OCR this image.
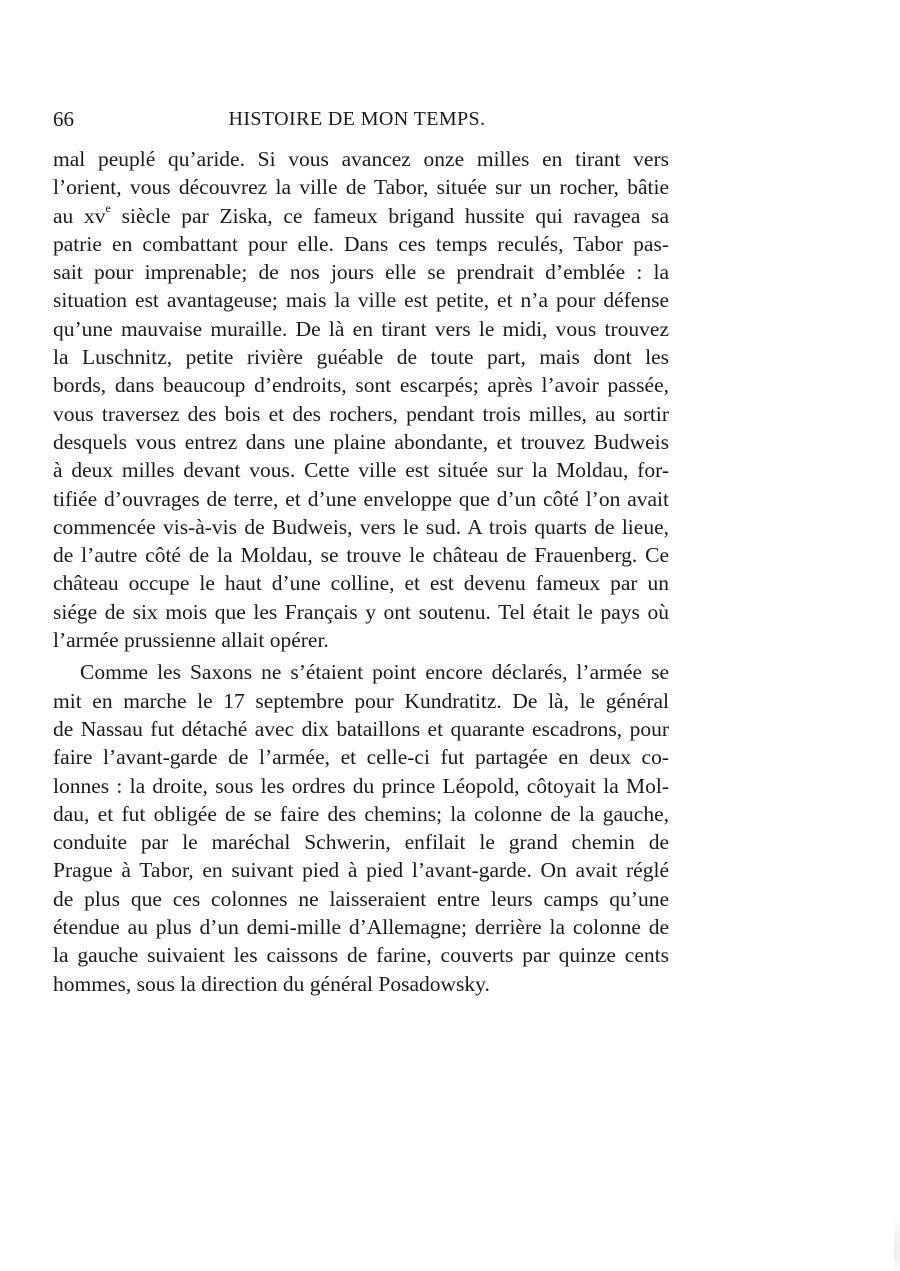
66	HISTOIRE DE MON TEMPS.
mal peuplé qu’aride. Si vous avancez onze milles en tirant vers
l’orient, vous découvrez la ville de Tabor, située sur un rocher, bâtie
au $xv^e$ siècle par Ziska, ce fameux brigand hussite qui ravagea sa
patrie en combattant pour elle. Dans ces temps reculés, Tabor pas-
sait pour imprenable; de nos jours elle se prendrait d’emblée : la
situation est avantageuse; mais la ville est petite, et n’a pour défense
qu’une mauvaise muraille. De là en tirant vers le midi, vous trouvez
la Luschnitz, petite rivière guéable de toute part, mais dont les
bords, dans beaucoup d’endroits, sont escarpés; après l’avoir passée,
vous traversez des bois et des rochers, pendant trois milles, au sortir
desquels vous entrez dans une plaine abondante, et trouvez Budweis
à deux milles devant vous. Cette ville est située sur la Moldau, for-
tifiée d’ouvrages de terre, et d’une enveloppe que d’un côté l’on avait
commencée vis-à-vis de Budweis, vers le sud. A trois quarts de lieue,
de l’autre côté de la Moldau, se trouve le château de Frauenberg. Ce
château occupe le haut d’une colline, et est devenu fameux par un
siége de six mois que les Français y ont soutenu. Tel était le pays où
l’armée prussienne allait opérer.
Comme les Saxons ne s’étaient point encore déclarés, l’armée se
mit en marche le 17 septembre pour Kundratitz. De là, le général
de Nassau fut détaché avec dix bataillons et quarante escadrons, pour
faire l’avant-garde de l’armée, et celle-ci fut partagée en deux co-
lonnes : la droite, sous les ordres du prince Léopold, côtoyait la Mol-
dau, et fut obligée de se faire des chemins; la colonne de la gauche,
conduite par le maréchal Schwerin, enfilait le grand chemin de
Prague à Tabor, en suivant pied à pied l’avant-garde. On avait réglé
de plus que ces colonnes ne laisseraient entre leurs camps qu’une
étendue au plus d’un demi-mille d’Allemagne; derrière la colonne de
la gauche suivaient les caissons de farine, couverts par quinze cents
hommes, sous la direction du général Posadowsky.
